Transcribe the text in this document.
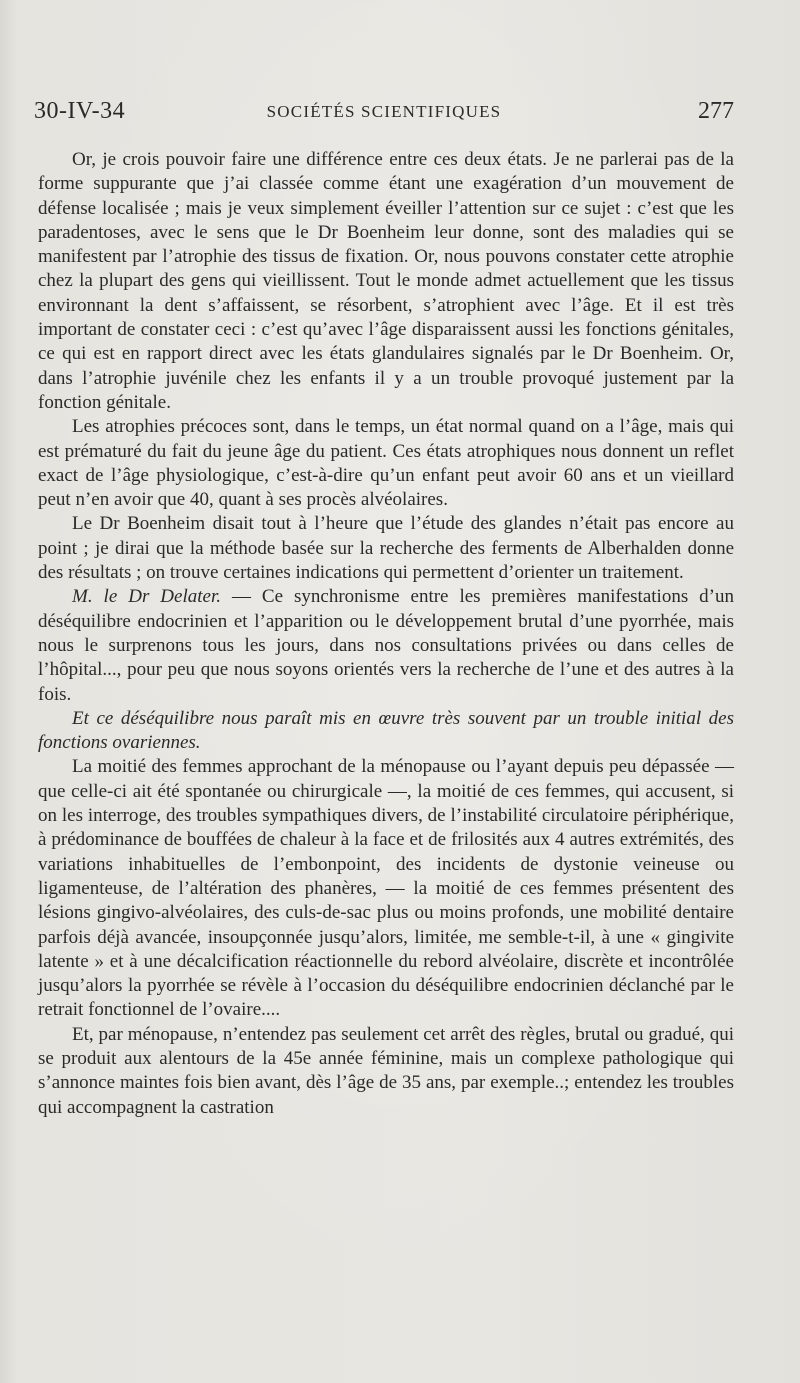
30-IV-34	SOCIÉTÉS SCIENTIFIQUES	277

Or, je crois pouvoir faire une différence entre ces deux états. Je ne parlerai pas de la forme suppurante que j’ai classée comme étant une exagération d’un mouvement de défense localisée ; mais je veux simplement éveiller l’attention sur ce sujet : c’est que les paradentoses, avec le sens que le Dr Boenheim leur donne, sont des maladies qui se manifestent par l’atrophie des tissus de fixation. Or, nous pouvons constater cette atrophie chez la plupart des gens qui vieillissent. Tout le monde admet actuellement que les tissus environnant la dent s’affaissent, se résorbent, s’atrophient avec l’âge. Et il est très important de constater ceci : c’est qu’avec l’âge disparaissent aussi les fonctions génitales, ce qui est en rapport direct avec les états glandulaires signalés par le Dr Boenheim. Or, dans l’atrophie juvénile chez les enfants il y a un trouble provoqué justement par la fonction génitale.

Les atrophies précoces sont, dans le temps, un état normal quand on a l’âge, mais qui est prématuré du fait du jeune âge du patient. Ces états atrophiques nous donnent un reflet exact de l’âge physiologique, c’est-à-dire qu’un enfant peut avoir 60 ans et un vieillard peut n’en avoir que 40, quant à ses procès alvéolaires.

Le Dr Boenheim disait tout à l’heure que l’étude des glandes n’était pas encore au point ; je dirai que la méthode basée sur la recherche des ferments de Alberhalden donne des résultats ; on trouve certaines indications qui permettent d’orienter un traitement.

M. le Dr Delater. — Ce synchronisme entre les premières manifestations d’un déséquilibre endocrinien et l’apparition ou le développement brutal d’une pyorrhée, mais nous le surprenons tous les jours, dans nos consultations privées ou dans celles de l’hôpital..., pour peu que nous soyons orientés vers la recherche de l’une et des autres à la fois.

Et ce déséquilibre nous paraît mis en œuvre très souvent par un trouble initial des fonctions ovariennes.

La moitié des femmes approchant de la ménopause ou l’ayant depuis peu dépassée — que celle-ci ait été spontanée ou chirurgicale —, la moitié de ces femmes, qui accusent, si on les interroge, des troubles sympathiques divers, de l’instabilité circulatoire périphérique, à prédominance de bouffées de chaleur à la face et de frilosités aux 4 autres extrémités, des variations inhabituelles de l’embonpoint, des incidents de dystonie veineuse ou ligamenteuse, de l’altération des phanères, — la moitié de ces femmes présentent des lésions gingivo-alvéolaires, des culs-de-sac plus ou moins profonds, une mobilité dentaire parfois déjà avancée, insoupçonnée jusqu’alors, limitée, me semble-t-il, à une « gingivite latente » et à une décalcification réactionnelle du rebord alvéolaire, discrète et incontrôlée jusqu’alors la pyorrhée se révèle à l’occasion du déséquilibre endocrinien déclanché par le retrait fonctionnel de l’ovaire....

Et, par ménopause, n’entendez pas seulement cet arrêt des règles, brutal ou gradué, qui se produit aux alentours de la 45e année féminine, mais un complexe pathologique qui s’annonce maintes fois bien avant, dès l’âge de 35 ans, par exemple..; entendez les troubles qui accompagnent la castration
